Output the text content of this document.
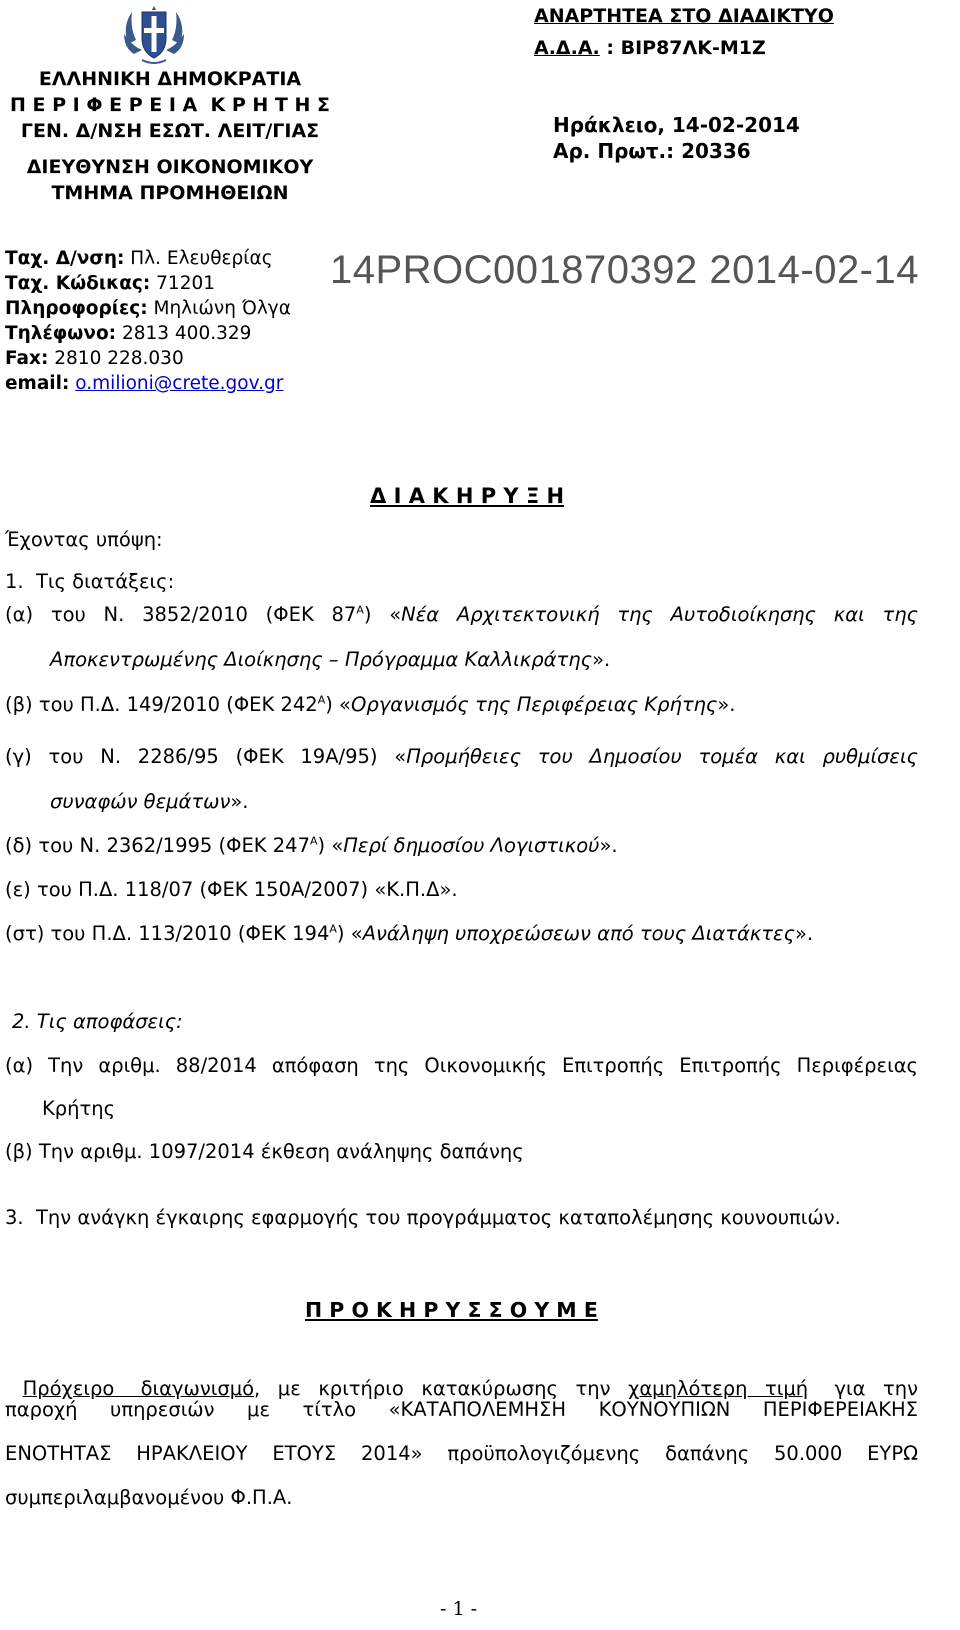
ΕΛΛΗΝΙΚΗ ΔΗΜΟΚΡΑΤΙΑ
Π Ε Ρ Ι Φ Ε Ρ Ε Ι Α  Κ Ρ Η Τ Η Σ
ΓΕΝ. Δ/ΝΣΗ ΕΣΩΤ. ΛΕΙΤ/ΓΙΑΣ
ΔΙΕΥΘΥΝΣΗ ΟΙΚΟΝΟΜΙΚΟΥ
ΤΜΗΜΑ ΠΡΟΜΗΘΕΙΩΝ
ΑΝΑΡΤΗΤΕΑ ΣΤΟ ΔΙΑΔΙΚΤΥΟ
Α.Δ.Α. : ΒΙΡ87ΛΚ-Μ1Ζ
Ηράκλειο, 14-02-2014
Αρ. Πρωτ.: 20336
Ταχ. Δ/νση: Πλ. Ελευθερίας
Ταχ. Κώδικας: 71201
Πληροφορίες: Μηλιώνη Όλγα
Τηλέφωνο: 2813 400.329
Fax: 2810 228.030
email: o.milioni@crete.gov.gr
14PROC001870392 2014-02-14
Δ Ι Α Κ Η Ρ Υ Ξ Η
Έχοντας υπόψη:
1.  Τις διατάξεις:
(α) του Ν. 3852/2010 (ΦΕΚ $87^A$) «Νέα Αρχιτεκτονική της Αυτοδιοίκησης και της
Αποκεντρωμένης Διοίκησης – Πρόγραμμα Καλλικράτης».
(β) του Π.Δ. 149/2010 (ΦΕΚ $242^A$) «Οργανισμός της Περιφέρειας Κρήτης».
(γ) του Ν. 2286/95 (ΦΕΚ 19Α/95) «Προμήθειες του Δημοσίου τομέα και ρυθμίσεις
συναφών θεμάτων».
(δ) του Ν. 2362/1995 (ΦΕΚ $247^A$) «Περί δημοσίου Λογιστικού».
(ε) του Π.Δ. 118/07 (ΦΕΚ 150Α/2007) «Κ.Π.Δ».
(στ) του Π.Δ. 113/2010 (ΦΕΚ $194^A$) «Ανάληψη υποχρεώσεων από τους Διατάκτες».
2. Τις αποφάσεις:
(α) Την αριθμ. 88/2014 απόφαση της Οικονομικής Επιτροπής Επιτροπής Περιφέρειας
Κρήτης
(β) Την αριθμ. 1097/2014 έκθεση ανάληψης δαπάνης
3.  Την ανάγκη έγκαιρης εφαρμογής του προγράμματος καταπολέμησης κουνουπιών.
Π Ρ Ο Κ Η Ρ Υ Σ Σ Ο Υ Μ Ε

Πρόχειρο   διαγωνισμό,  με  κριτήριο  κατακύρωσης  την  χαμηλότερη  τιμή   για  την

παροχή   υπηρεσιών   με   τίτλο   «ΚΑΤΑΠΟΛΕΜΗΣΗ   ΚΟΥΝΟΥΠΙΩΝ   ΠΕΡΙΦΕΡΕΙΑΚΗΣ
ΕΝΟΤΗΤΑΣ  ΗΡΑΚΛΕΙΟΥ  ΕΤΟΥΣ  2014»  προϋπολογιζόμενης  δαπάνης  50.000  ΕΥΡΩ
συμπεριλαμβανομένου Φ.Π.Α.
- 1 -
